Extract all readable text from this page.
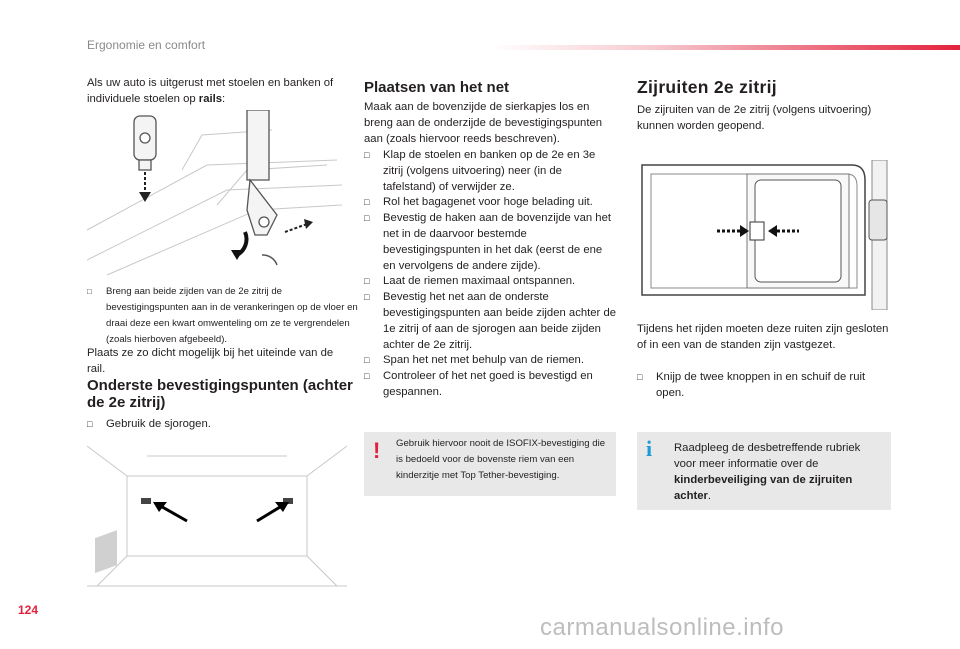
Ergonomie en comfort

Als uw auto is uitgerust met stoelen en banken of individuele stoelen op rails:

□ Breng aan beide zijden van de 2e zitrij de bevestigingspunten aan in de verankeringen op de vloer en draai deze een kwart omwenteling om ze te vergrendelen (zoals hierboven afgebeeld).

Plaats ze zo dicht mogelijk bij het uiteinde van de rail.

Onderste bevestigingspunten (achter de 2e zitrij)
□ Gebruik de sjorogen.
Plaatsen van het net

Maak aan de bovenzijde de sierkapjes los en breng aan de onderzijde de bevestigingspunten aan (zoals hiervoor reeds beschreven).

□ Klap de stoelen en banken op de 2e en 3e zitrij (volgens uitvoering) neer (in de tafelstand) of verwijder ze.
□ Rol het bagagenet voor hoge belading uit.
□ Bevestig de haken aan de bovenzijde van het net in de daarvoor bestemde bevestigingspunten in het dak (eerst de ene en vervolgens de andere zijde).
□ Laat de riemen maximaal ontspannen.
□ Bevestig het net aan de onderste bevestigingspunten aan beide zijden achter de 1e zitrij of aan de sjorogen aan beide zijden achter de 2e zitrij.
□ Span het net met behulp van de riemen.
□ Controleer of het net goed is bevestigd en gespannen.
! Gebruik hiervoor nooit de ISOFIX-bevestiging die is bedoeld voor de bovenste riem van een kinderzitje met Top Tether-bevestiging.

Zijruiten 2e zitrij

De zijruiten van de 2e zitrij (volgens uitvoering) kunnen worden geopend.

Tijdens het rijden moeten deze ruiten zijn gesloten of in een van de standen zijn vastgezet.

□ Knijp de twee knoppen in en schuif de ruit open.
i Raadpleeg de desbetreffende rubriek voor meer informatie over de kinderbeveiliging van de zijruiten achter.

124
carmanualsonline.info
